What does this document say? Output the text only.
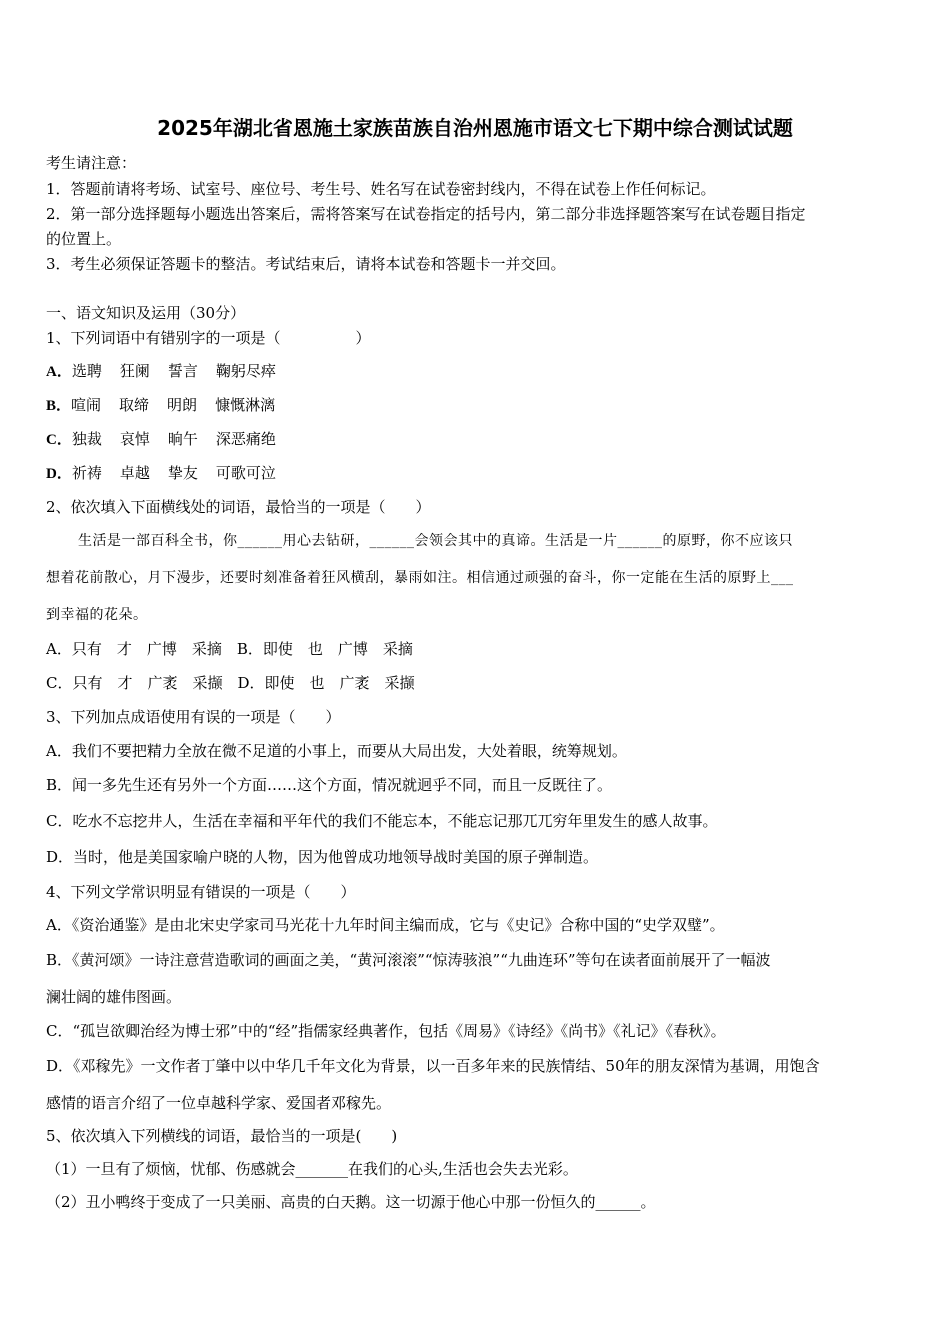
2025年湖北省恩施土家族苗族自治州恩施市语文七下期中综合测试试题
考生请注意：
1．答题前请将考场、试室号、座位号、考生号、姓名写在试卷密封线内，不得在试卷上作任何标记。
2．第一部分选择题每小题选出答案后，需将答案写在试卷指定的括号内，第二部分非选择题答案写在试卷题目指定
的位置上。
3．考生必须保证答题卡的整洁。考试结束后，请将本试卷和答题卡一并交回。
一、语文知识及运用（30分）
1、下列词语中有错别字的一项是（　　　　　）
A．选聘 狂阑 誓言 鞠躬尽瘁
B．喧闹 取缔 明朗 慷慨淋漓
C．独裁 哀悼 晌午 深恶痛绝
D．祈祷 卓越 挚友 可歌可泣
2、依次填入下面横线处的词语，最恰当的一项是（　　）
生活是一部百科全书，你______用心去钻研，______会领会其中的真谛。生活是一片______的原野，你不应该只
想着花前散心，月下漫步，还要时刻准备着狂风横刮，暴雨如注。相信通过顽强的奋斗，你一定能在生活的原野上___
到幸福的花朵。
A．只有　才　广博　采摘　B．即使　也　广博　采摘
C．只有　才　广袤　采撷　D．即使　也　广袤　采撷
3、下列加点成语使用有误的一项是（　　）
A．我们不要把精力全放在微不足道的小事上，而要从大局出发，大处着眼，统筹规划。
B．闻一多先生还有另外一个方面……这个方面，情况就迥乎不同，而且一反既往了。
C．吃水不忘挖井人，生活在幸福和平年代的我们不能忘本，不能忘记那兀兀穷年里发生的感人故事。
D．当时，他是美国家喻户晓的人物，因为他曾成功地领导战时美国的原子弹制造。
4、下列文学常识明显有错误的一项是（　　）
A．《资治通鉴》是由北宋史学家司马光花十九年时间主编而成，它与《史记》合称中国的“史学双璧”。
B．《黄河颂》一诗注意营造歌词的画面之美，“黄河滚滚”“惊涛骇浪”“九曲连环”等句在读者面前展开了一幅波
澜壮阔的雄伟图画。
C．“孤岂欲卿治经为博士邪”中的“经”指儒家经典著作，包括《周易》《诗经》《尚书》《礼记》《春秋》。
D．《邓稼先》一文作者丁肇中以中华几千年文化为背景，以一百多年来的民族情结、50年的朋友深情为基调，用饱含
感情的语言介绍了一位卓越科学家、爱国者邓稼先。
5、依次填入下列横线的词语，最恰当的一项是(　　)
（1）一旦有了烦恼，忧郁、伤感就会_______在我们的心头,生活也会失去光彩。
（2）丑小鸭终于变成了一只美丽、高贵的白天鹅。这一切源于他心中那一份恒久的______。
